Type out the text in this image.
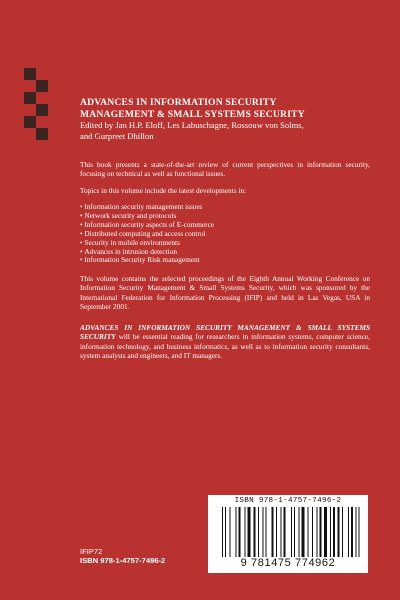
ADVANCES IN INFORMATION SECURITY
MANAGEMENT & SMALL SYSTEMS SECURITY
Edited by Jan H.P. Eloff, Les Labuschagne, Rossouw von Solms,
and Gurpreet Dhillon
This book presents a state-of-the-art review of current perspectives in information security, focusing on technical as well as functional issues.
Topics in this volume include the latest developments in:
• Information security management issues
• Network security and protocols
• Information security aspects of E-commerce
• Distributed computing and access control
• Security in mobile environments
• Advances in intrusion detection
• Information Security Risk management
This volume contains the selected proceedings of the Eighth Annual Working Conference on Information Security Management & Small Systems Security, which was sponsored by the International Federation for Information Processing (IFIP) and held in Las Vegas, USA in September 2001.
ADVANCES IN INFORMATION SECURITY MANAGEMENT & SMALL SYSTEMS SECURITY will be essential reading for researchers in information systems, computer science, information technology, and business informatics, as well as to information security consultants, system analysts and engineers, and IT managers.
ISBN 978-1-4757-7496-2
9 781475 774962
IFIP72
ISBN 978-1-4757-7496-2
